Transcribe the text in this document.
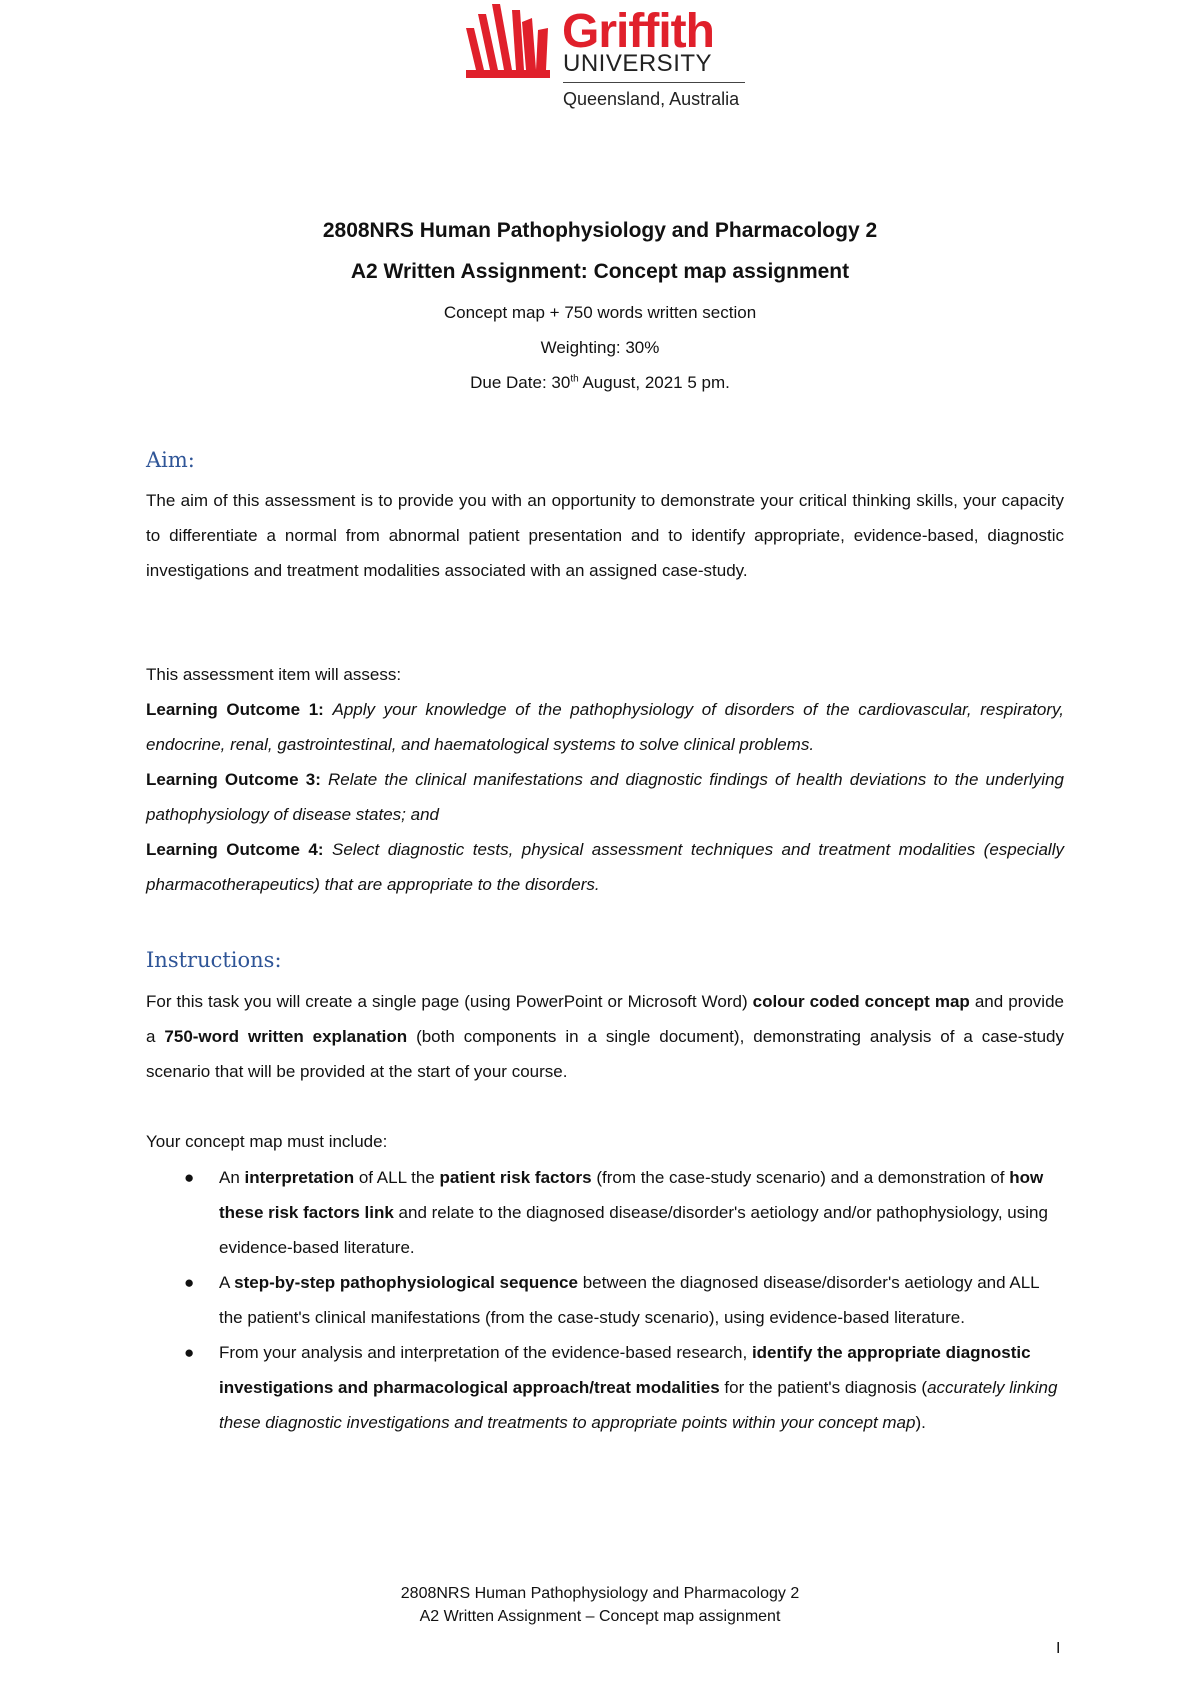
Griffith
UNIVERSITY
Queensland, Australia
2808NRS Human Pathophysiology and Pharmacology 2
A2 Written Assignment: Concept map assignment
Concept map + 750 words written section
Weighting: 30%
Due Date: 30th August, 2021 5 pm.
Aim:
The aim of this assessment is to provide you with an opportunity to demonstrate your critical thinking skills, your capacity to differentiate a normal from abnormal patient presentation and to identify appropriate, evidence-based, diagnostic investigations and treatment modalities associated with an assigned case-study.
This assessment item will assess:
Learning Outcome 1: Apply your knowledge of the pathophysiology of disorders of the cardiovascular, respiratory, endocrine, renal, gastrointestinal, and haematological systems to solve clinical problems.
Learning Outcome 3: Relate the clinical manifestations and diagnostic findings of health deviations to the underlying pathophysiology of disease states; and
Learning Outcome 4: Select diagnostic tests, physical assessment techniques and treatment modalities (especially pharmacotherapeutics) that are appropriate to the disorders.
Instructions:
For this task you will create a single page (using PowerPoint or Microsoft Word) colour coded concept map and provide a 750-word written explanation (both components in a single document), demonstrating analysis of a case-study scenario that will be provided at the start of your course.
Your concept map must include:
● An interpretation of ALL the patient risk factors (from the case-study scenario) and a demonstration of how these risk factors link and relate to the diagnosed disease/disorder's aetiology and/or pathophysiology, using evidence-based literature.
● A step-by-step pathophysiological sequence between the diagnosed disease/disorder's aetiology and ALL the patient's clinical manifestations (from the case-study scenario), using evidence-based literature.
● From your analysis and interpretation of the evidence-based research, identify the appropriate diagnostic investigations and pharmacological approach/treat modalities for the patient's diagnosis (accurately linking these diagnostic investigations and treatments to appropriate points within your concept map).
2808NRS Human Pathophysiology and Pharmacology 2
A2 Written Assignment – Concept map assignment
I
